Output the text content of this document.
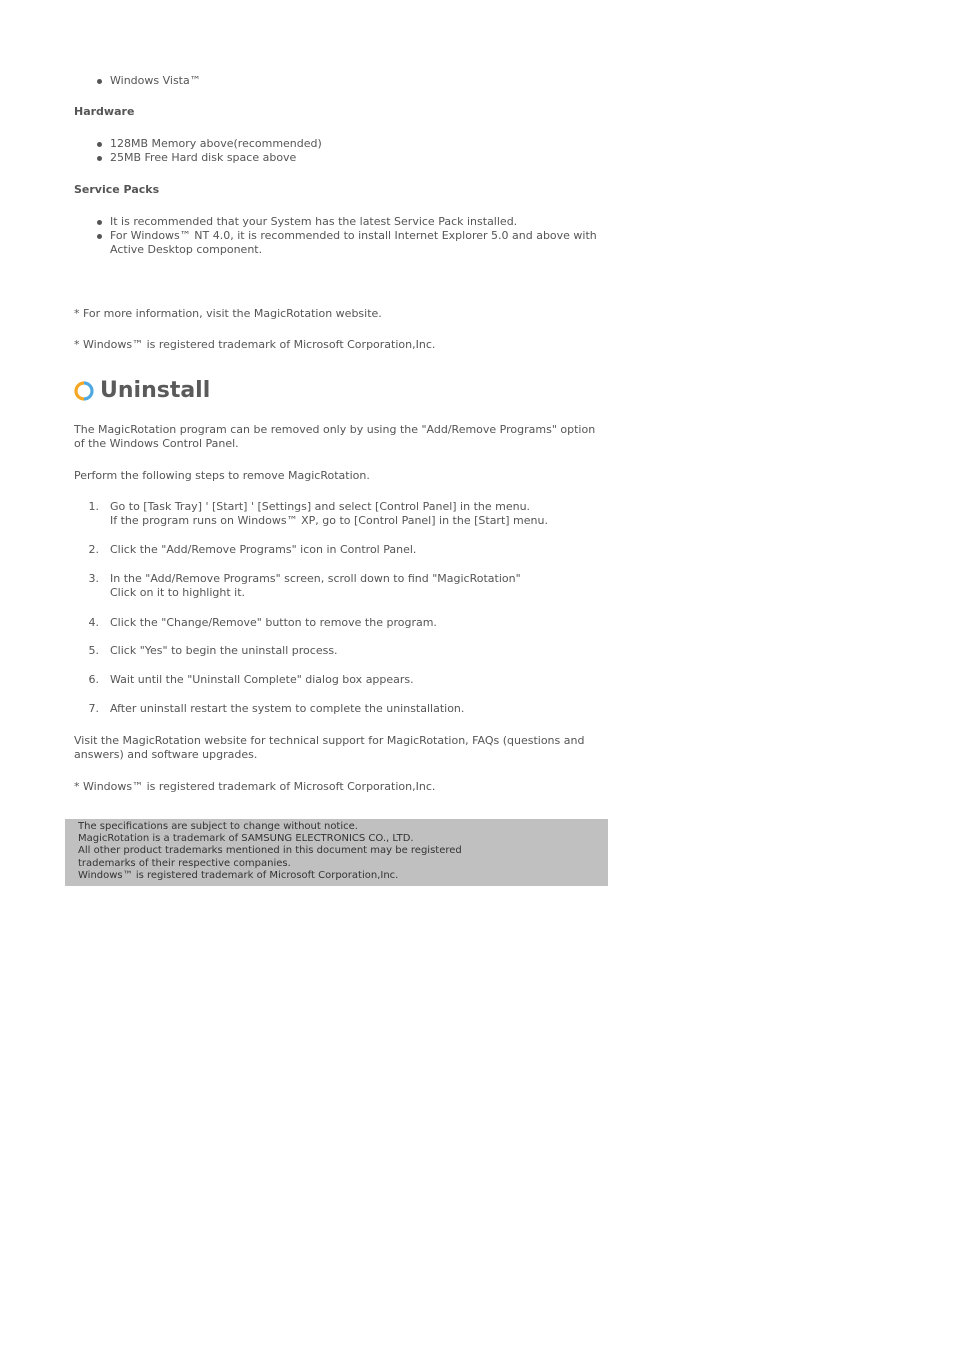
Windows Vista™
Hardware
128MB Memory above(recommended)
25MB Free Hard disk space above
Service Packs
It is recommended that your System has the latest Service Pack installed.
For Windows™ NT 4.0, it is recommended to install Internet Explorer 5.0 and above with Active Desktop component.

* For more information, visit the MagicRotation website.

* Windows™ is registered trademark of Microsoft Corporation,Inc.

Uninstall

The MagicRotation program can be removed only by using the "Add/Remove Programs" option of the Windows Control Panel.

Perform the following steps to remove MagicRotation.

1. Go to [Task Tray] ' [Start] ' [Settings] and select [Control Panel] in the menu.
If the program runs on Windows™ XP, go to [Control Panel] in the [Start] menu.
2. Click the "Add/Remove Programs" icon in Control Panel.
3. In the "Add/Remove Programs" screen, scroll down to find "MagicRotation"
Click on it to highlight it.
4. Click the "Change/Remove" button to remove the program.
5. Click "Yes" to begin the uninstall process.
6. Wait until the "Uninstall Complete" dialog box appears.
7. After uninstall restart the system to complete the uninstallation.

Visit the MagicRotation website for technical support for MagicRotation, FAQs (questions and answers) and software upgrades.

* Windows™ is registered trademark of Microsoft Corporation,Inc.

The specifications are subject to change without notice.
MagicRotation is a trademark of SAMSUNG ELECTRONICS CO., LTD.
All other product trademarks mentioned in this document may be registered
trademarks of their respective companies.
Windows™ is registered trademark of Microsoft Corporation,Inc.
